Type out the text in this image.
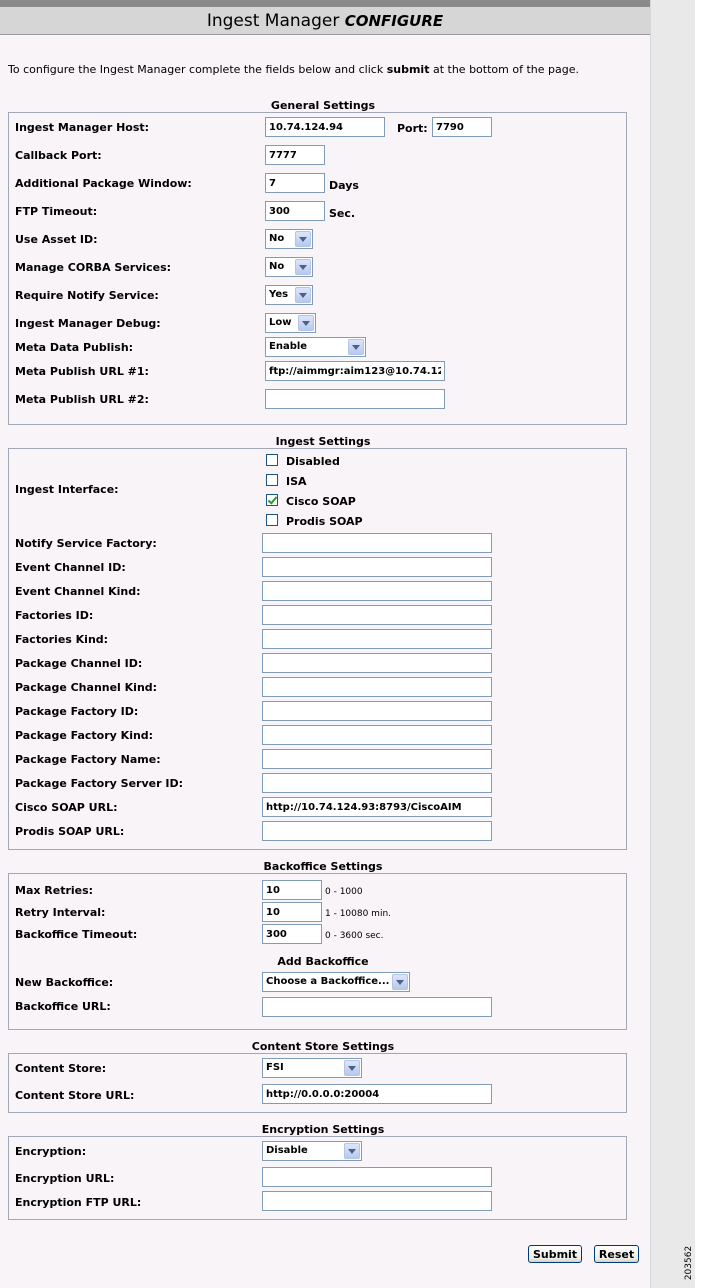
Ingest Manager CONFIGURE
To configure the Ingest Manager complete the fields below and click submit at the bottom of the page.
General Settings
Ingest Manager Host:
10.74.124.94	Port:
7790
Callback Port:
7777
Additional Package Window:
7	Days
FTP Timeout:
300	Sec.
Use Asset ID:	No
Manage CORBA Services:	No
Require Notify Service:	Yes
Ingest Manager Debug:	Low
Meta Data Publish:	Enable
Meta Publish URL #1:
ftp://aimmgr:aim123@10.74.124.9
Meta Publish URL #2:
Ingest Settings
Ingest Interface:
Disabled
ISA
Cisco SOAP
Prodis SOAP
Notify Service Factory:
Event Channel ID:
Event Channel Kind:
Factories ID:
Factories Kind:
Package Channel ID:
Package Channel Kind:
Package Factory ID:
Package Factory Kind:
Package Factory Name:
Package Factory Server ID:
Cisco SOAP URL:
http://10.74.124.93:8793/CiscoAIM
Prodis SOAP URL:
Backoffice Settings
Max Retries:
10	0 - 1000
Retry Interval:
10	1 - 10080 min.
Backoffice Timeout:
300	0 - 3600 sec.
Add Backoffice
New Backoffice:	Choose a Backoffice...
Backoffice URL:
Content Store Settings
Content Store:	FSI
Content Store URL:
http://0.0.0.0:20004
Encryption Settings
Encryption:	Disable
Encryption URL:
Encryption FTP URL:
Submit	Reset	203562
